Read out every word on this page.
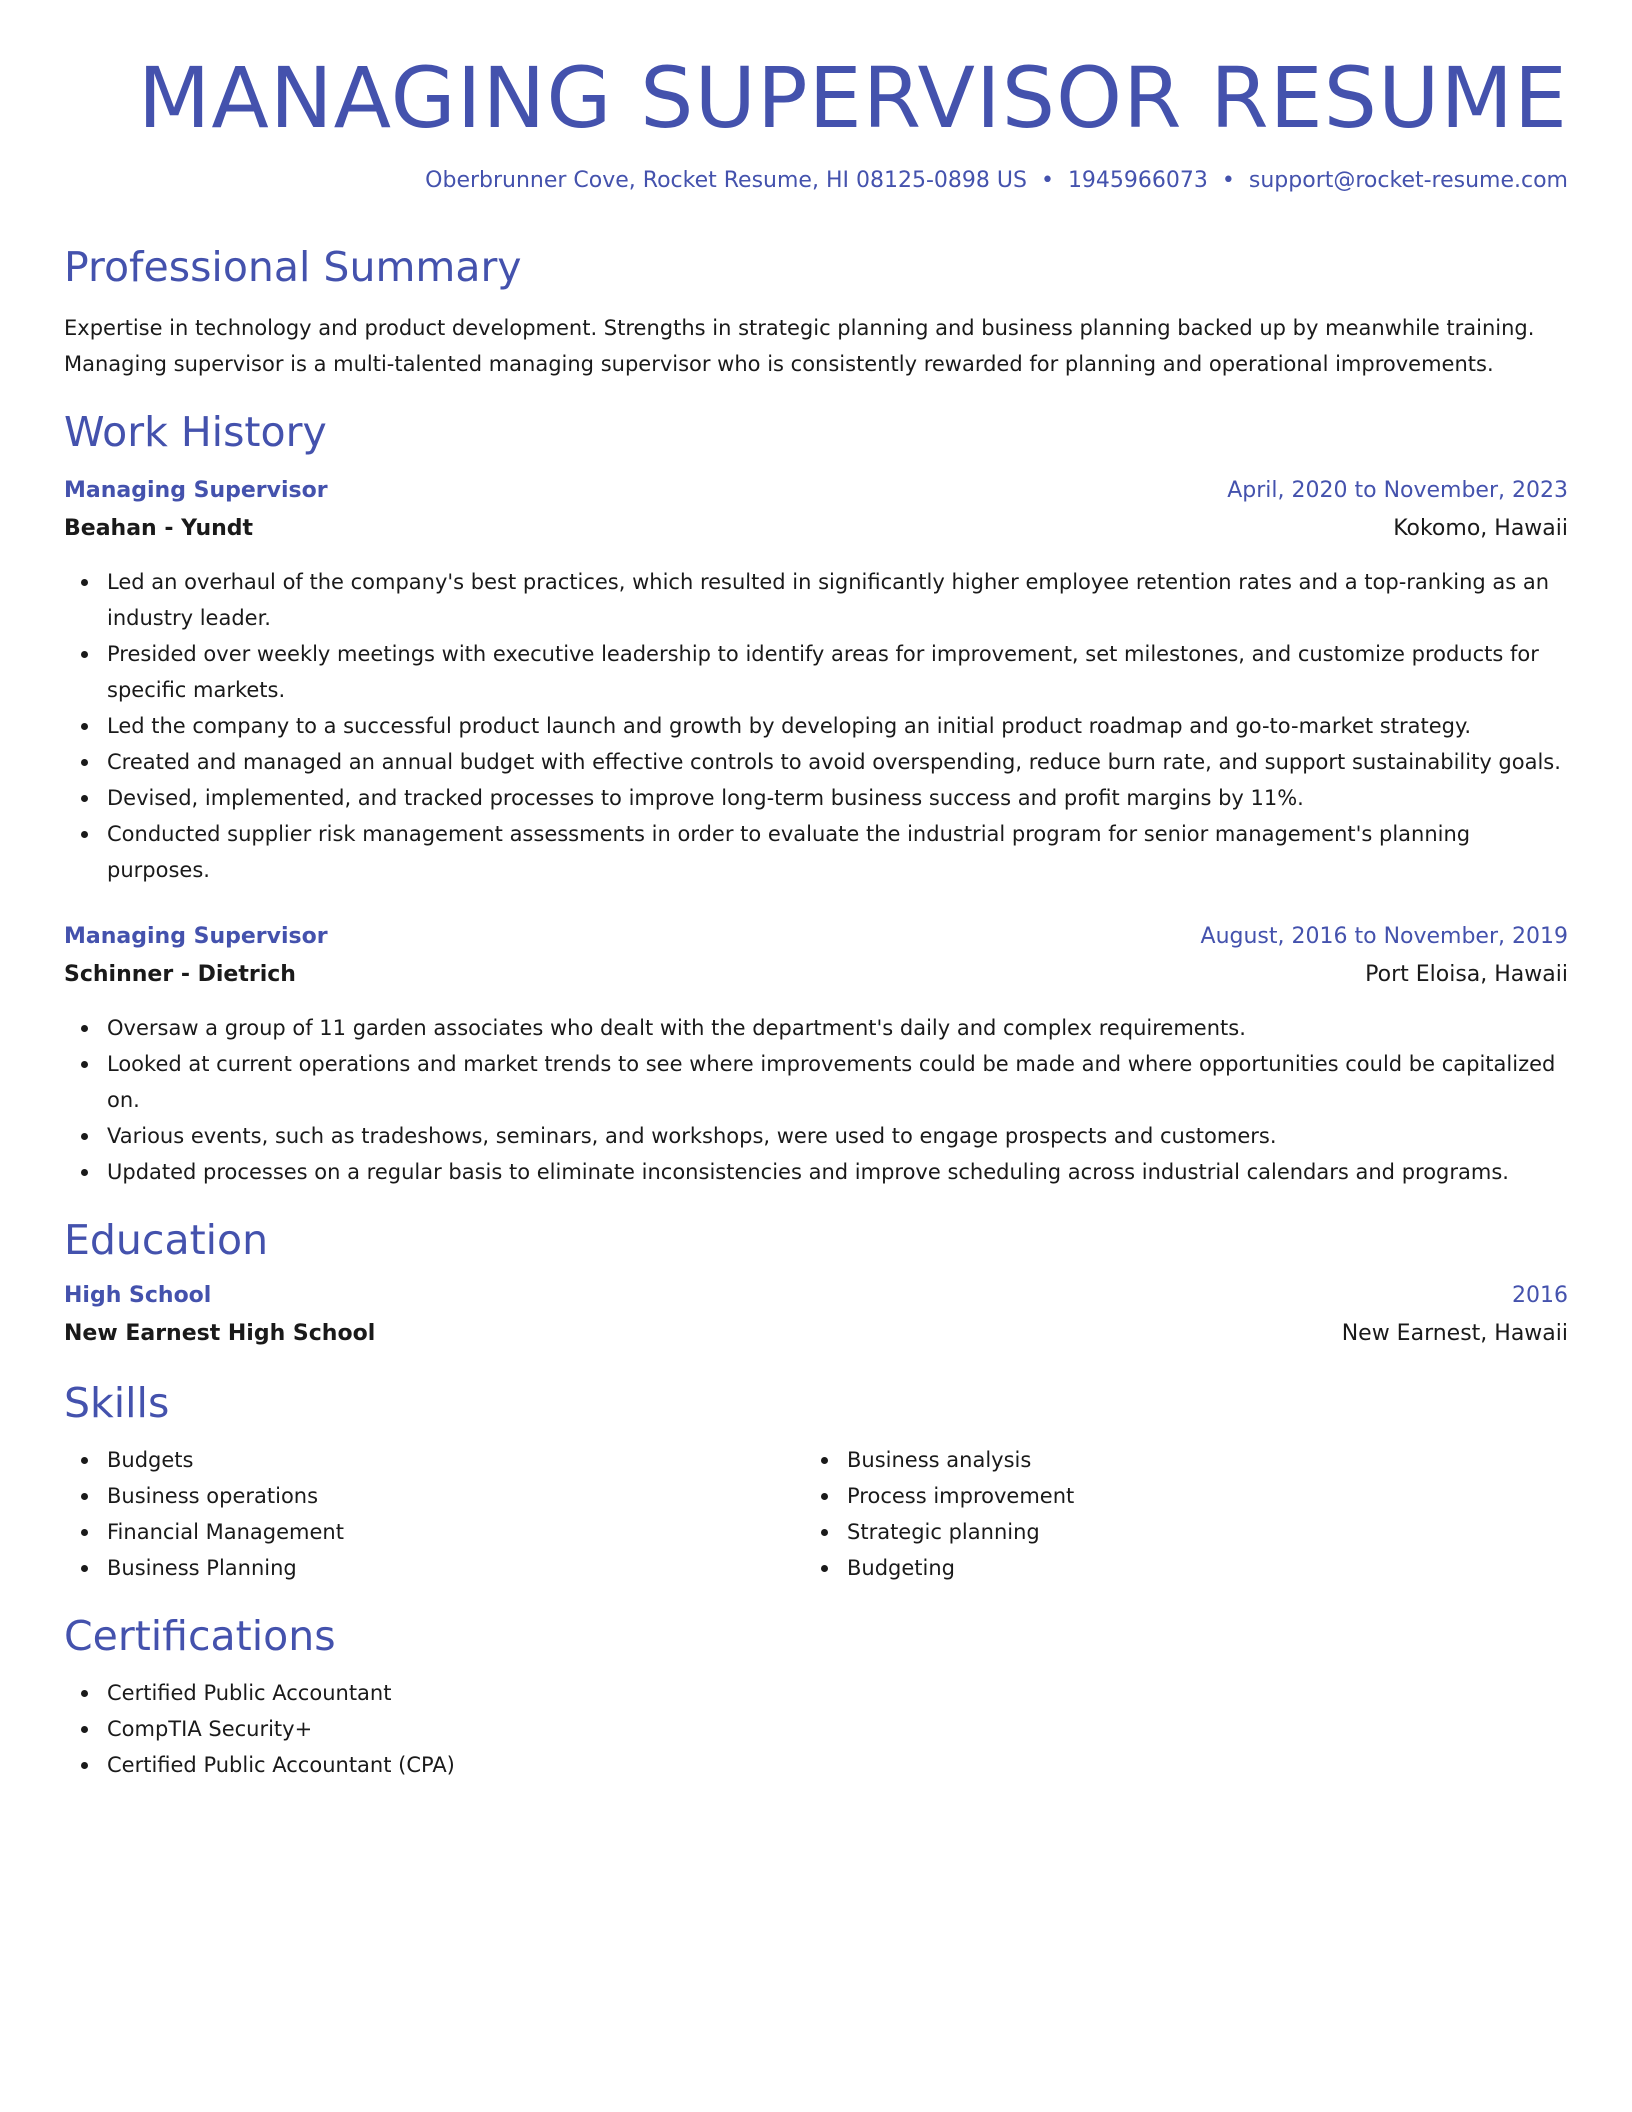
MANAGING SUPERVISOR RESUME
Oberbrunner Cove, Rocket Resume, HI 08125-0898 US • 1945966073 • support@rocket-resume.com
Professional Summary

Expertise in technology and product development. Strengths in strategic planning and business planning backed up by meanwhile training. Managing supervisor is a multi-talented managing supervisor who is consistently rewarded for planning and operational improvements.

Work History
Managing Supervisor	April, 2020 to November, 2023
Beahan - Yundt	Kokomo, Hawaii
Led an overhaul of the company's best practices, which resulted in significantly higher employee retention rates and a top-ranking as an industry leader.
Presided over weekly meetings with executive leadership to identify areas for improvement, set milestones, and customize products for specific markets.
Led the company to a successful product launch and growth by developing an initial product roadmap and go-to-market strategy.
Created and managed an annual budget with effective controls to avoid overspending, reduce burn rate, and support sustainability goals.
Devised, implemented, and tracked processes to improve long-term business success and profit margins by 11%.
Conducted supplier risk management assessments in order to evaluate the industrial program for senior management's planning purposes.
Managing Supervisor	August, 2016 to November, 2019
Schinner - Dietrich	Port Eloisa, Hawaii
Oversaw a group of 11 garden associates who dealt with the department's daily and complex requirements.
Looked at current operations and market trends to see where improvements could be made and where opportunities could be capitalized on.
Various events, such as tradeshows, seminars, and workshops, were used to engage prospects and customers.
Updated processes on a regular basis to eliminate inconsistencies and improve scheduling across industrial calendars and programs.
Education
High School	2016
New Earnest High School	New Earnest, Hawaii
Skills
Budgets
Business operations
Financial Management
Business Planning
Business analysis
Process improvement
Strategic planning
Budgeting
Certifications
Certified Public Accountant
CompTIA Security+
Certified Public Accountant (CPA)
